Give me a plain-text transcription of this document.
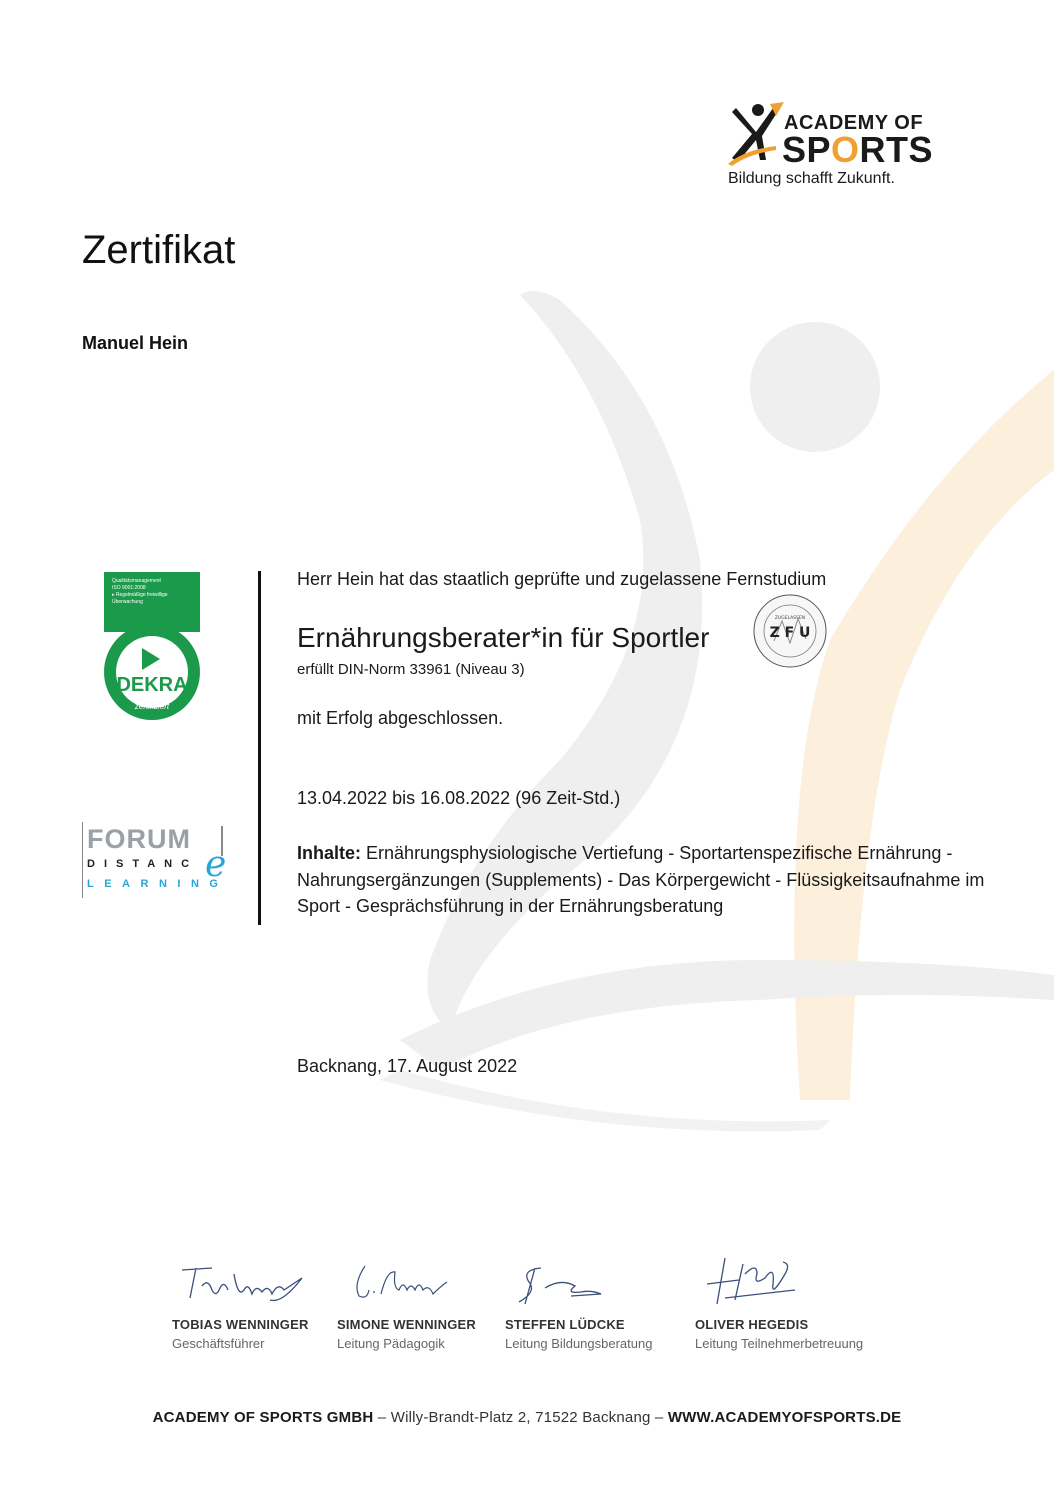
ACADEMY OF
SPORTS
Bildung schafft Zukunft.
Zertifikat
Manuel Hein
Qualitätsmanagement
ISO 9001:2008
▸ Regelmäßige freiwillige Überwachung
DEKRA
zertifiziert
FORUM
DISTANC e
LEARNING
Herr Hein hat das staatlich geprüfte und zugelassene Fernstudium
Ernährungsberater*in für Sportler
erfüllt DIN-Norm 33961 (Niveau 3)
Z F U
ZUGELASSEN
mit Erfolg abgeschlossen.
13.04.2022 bis 16.08.2022 (96 Zeit-Std.)
Inhalte: Ernährungsphysiologische Vertiefung - Sportartenspezifische Ernährung - Nahrungsergänzungen (Supplements) - Das Körpergewicht - Flüssigkeitsaufnahme im Sport - Gesprächsführung in der Ernährungsberatung
Backnang, 17. August 2022
TOBIAS WENNINGER
Geschäftsführer
SIMONE WENNINGER
Leitung Pädagogik
STEFFEN LÜDCKE
Leitung Bildungsberatung
OLIVER HEGEDIS
Leitung Teilnehmerbetreuung
ACADEMY OF SPORTS GMBH – Willy-Brandt-Platz 2, 71522 Backnang – WWW.ACADEMYOFSPORTS.DE
